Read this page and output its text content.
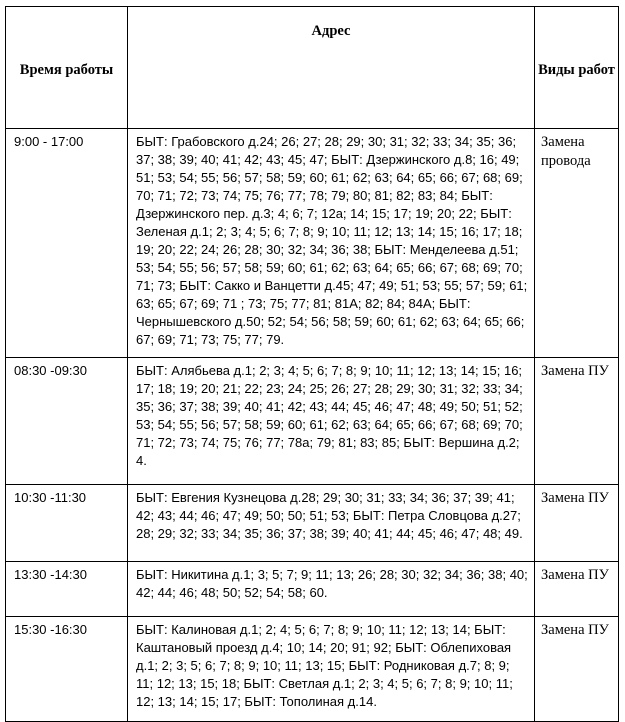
Время работы	Адрес	Виды работ
9:00 - 17:00	БЫТ: Грабовского д.24; 26; 27; 28; 29; 30; 31; 32; 33; 34; 35; 36; 37; 38; 39; 40; 41; 42; 43; 45; 47; БЫТ: Дзержинского д.8; 16; 49; 51; 53; 54; 55; 56; 57; 58; 59; 60; 61; 62; 63; 64; 65; 66; 67; 68; 69; 70; 71; 72; 73; 74; 75; 76; 77; 78; 79; 80; 81; 82; 83; 84; БЫТ: Дзержинского пер. д.3; 4; 6; 7; 12а; 14; 15; 17; 19; 20; 22; БЫТ: Зеленая д.1; 2; 3; 4; 5; 6; 7; 8; 9; 10; 11; 12; 13; 14; 15; 16; 17; 18; 19; 20; 22; 24; 26; 28; 30; 32; 34; 36; 38; БЫТ: Менделеева д.51; 53; 54; 55; 56; 57; 58; 59; 60; 61; 62; 63; 64; 65; 66; 67; 68; 69; 70; 71; 73; БЫТ: Сакко и Ванцетти д.45; 47; 49; 51; 53; 55; 57; 59; 61; 63; 65; 67; 69; 71 ; 73; 75; 77; 81; 81А; 82; 84; 84А; БЫТ: Чернышевского д.50; 52; 54; 56; 58; 59; 60; 61; 62; 63; 64; 65; 66; 67; 69; 71; 73; 75; 77; 79.	Замена провода
08:30 -09:30	БЫТ: Алябьева д.1; 2; 3; 4; 5; 6; 7; 8; 9; 10; 11; 12; 13; 14; 15; 16; 17; 18; 19; 20; 21; 22; 23; 24; 25; 26; 27; 28; 29; 30; 31; 32; 33; 34; 35; 36; 37; 38; 39; 40; 41; 42; 43; 44; 45; 46; 47; 48; 49; 50; 51; 52; 53; 54; 55; 56; 57; 58; 59; 60; 61; 62; 63; 64; 65; 66; 67; 68; 69; 70; 71; 72; 73; 74; 75; 76; 77; 78а; 79; 81; 83; 85; БЫТ: Вершина д.2; 4.	Замена ПУ
10:30 -11:30	БЫТ: Евгения Кузнецова д.28; 29; 30; 31; 33; 34; 36; 37; 39; 41; 42; 43; 44; 46; 47; 49; 50; 50; 51; 53; БЫТ: Петра Словцова д.27; 28; 29; 32; 33; 34; 35; 36; 37; 38; 39; 40; 41; 44; 45; 46; 47; 48; 49.	Замена ПУ
13:30 -14:30	БЫТ: Никитина д.1; 3; 5; 7; 9; 11; 13; 26; 28; 30; 32; 34; 36; 38; 40; 42; 44; 46; 48; 50; 52; 54; 58; 60.	Замена ПУ
15:30 -16:30	БЫТ: Калиновая д.1; 2; 4; 5; 6; 7; 8; 9; 10; 11; 12; 13; 14; БЫТ: Каштановый проезд д.4; 10; 14; 20; 91; 92; БЫТ: Облепиховая д.1; 2; 3; 5; 6; 7; 8; 9; 10; 11; 13; 15; БЫТ: Родниковая д.7; 8; 9; 11; 12; 13; 15; 18; БЫТ: Светлая д.1; 2; 3; 4; 5; 6; 7; 8; 9; 10; 11; 12; 13; 14; 15; 17; БЫТ: Тополиная д.14.	Замена ПУ
